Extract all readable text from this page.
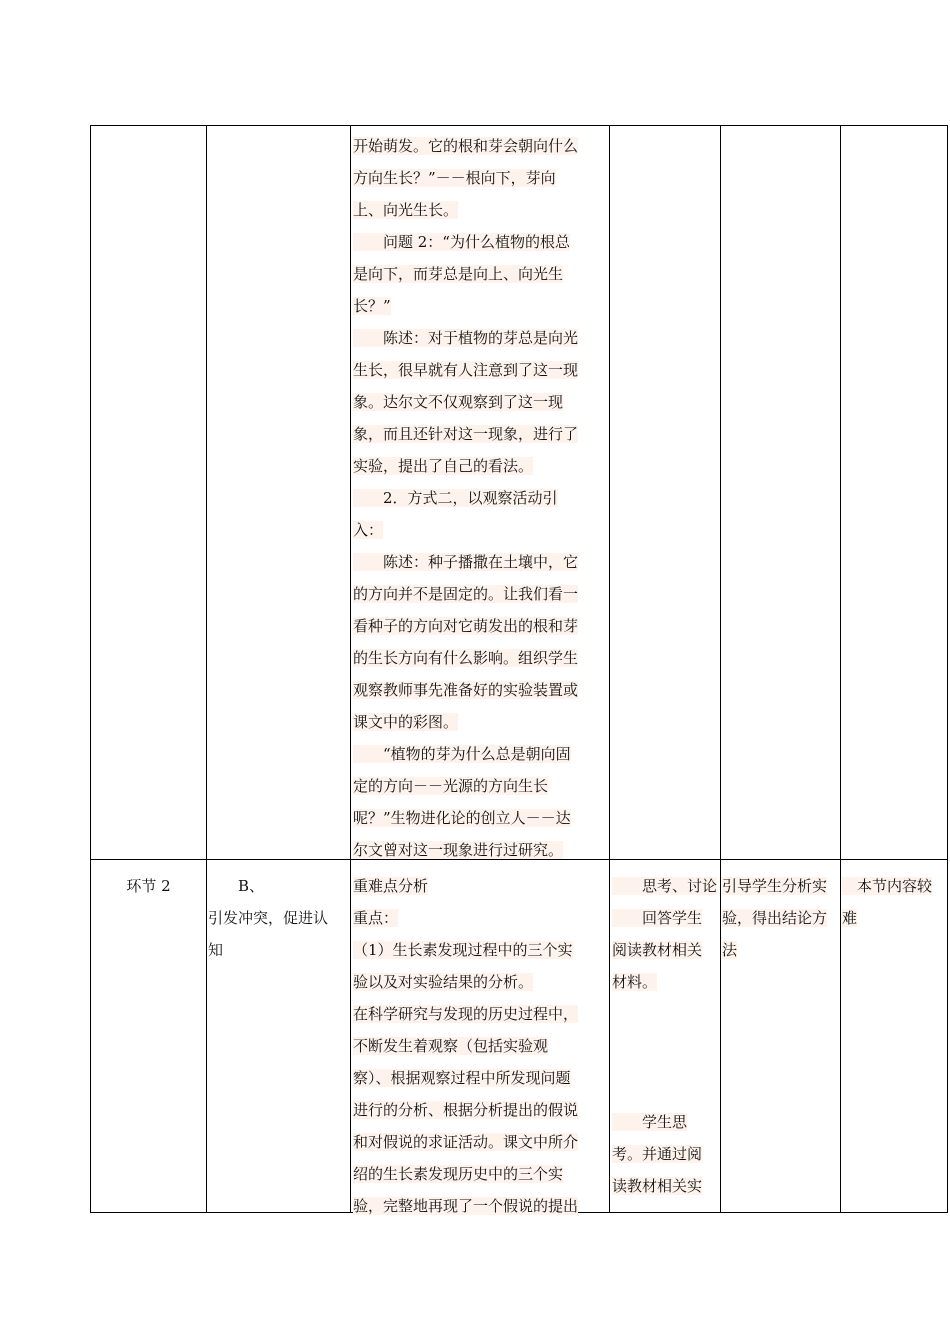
开始萌发。它的根和芽会朝向什么
方向生长？”－－根向下，芽向
上、向光生长。
　　问题 2：“为什么植物的根总
是向下，而芽总是向上、向光生
长？”
　　陈述：对于植物的芽总是向光
生长，很早就有人注意到了这一现
象。达尔文不仅观察到了这一现
象，而且还针对这一现象，进行了
实验，提出了自己的看法。
　　2．方式二，以观察活动引
入：
　　陈述：种子播撒在土壤中，它
的方向并不是固定的。让我们看一
看种子的方向对它萌发出的根和芽
的生长方向有什么影响。组织学生
观察教师事先准备好的实验装置或
课文中的彩图。
　　“植物的芽为什么总是朝向固
定的方向－－光源的方向生长
呢？”生物进化论的创立人－－达
尔文曾对这一现象进行过研究。
环节 2	B、
引发冲突，促进认
知
重难点分析
重点：
（1）生长素发现过程中的三个实
验以及对实验结果的分析。
在科学研究与发现的历史过程中，
不断发生着观察（包括实验观
察）、根据观察过程中所发现问题
进行的分析、根据分析提出的假说
和对假说的求证活动。课文中所介
绍的生长素发现历史中的三个实
验，完整地再现了一个假说的提出
　　思考、讨论
　　回答学生
阅读教材相关
材料。
　　学生思
考。并通过阅
读教材相关实
引导学生分析实
验，得出结论方
法
　本节内容较
难
